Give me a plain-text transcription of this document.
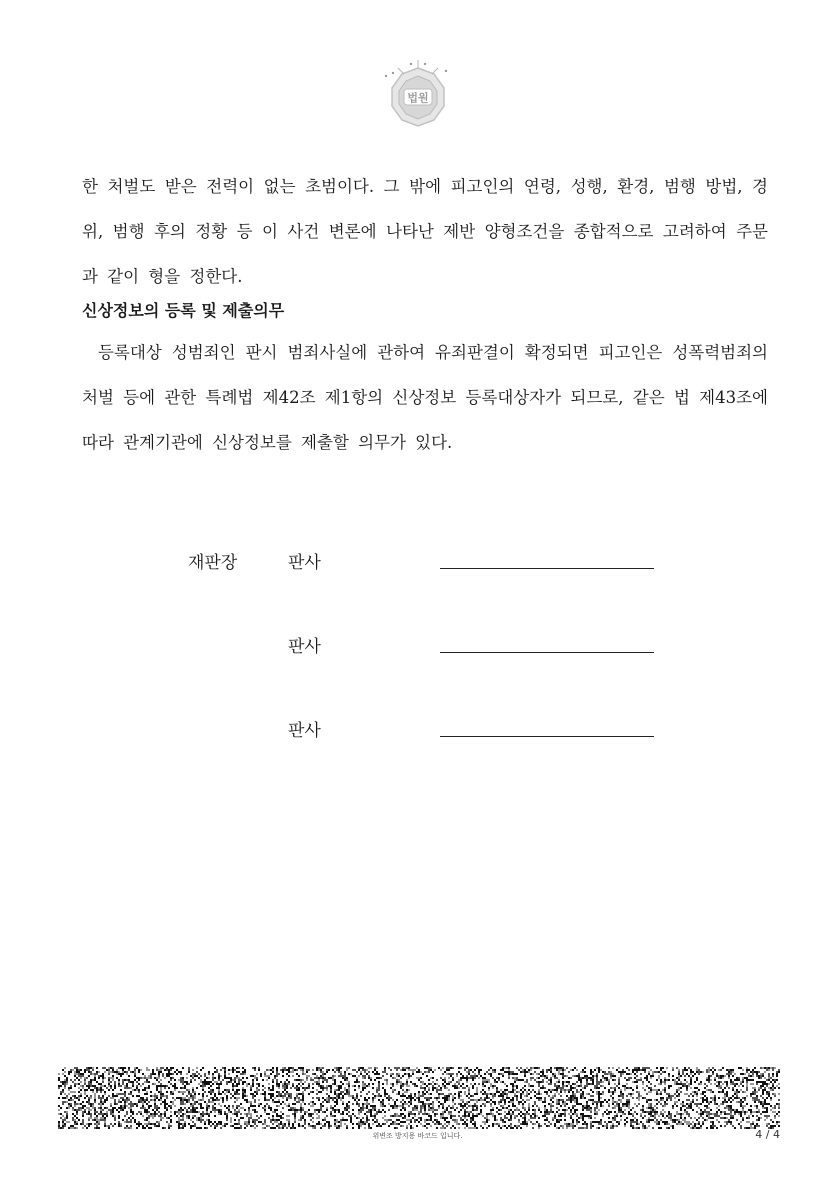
법원

한 처벌도 받은 전력이 없는 초범이다. 그 밖에 피고인의 연령, 성행, 환경, 범행 방법, 경위, 범행 후의 정황 등 이 사건 변론에 나타난 제반 양형조건을 종합적으로 고려하여 주문과 같이 형을 정한다.

신상정보의 등록 및 제출의무

등록대상 성범죄인 판시 범죄사실에 관하여 유죄판결이 확정되면 피고인은 성폭력범죄의 처벌 등에 관한 특례법 제42조 제1항의 신상정보 등록대상자가 되므로, 같은 법 제43조에 따라 관계기관에 신상정보를 제출할 의무가 있다.

재판장	판사

판사

판사

위변조 방지용 바코드 입니다.	4 / 4
